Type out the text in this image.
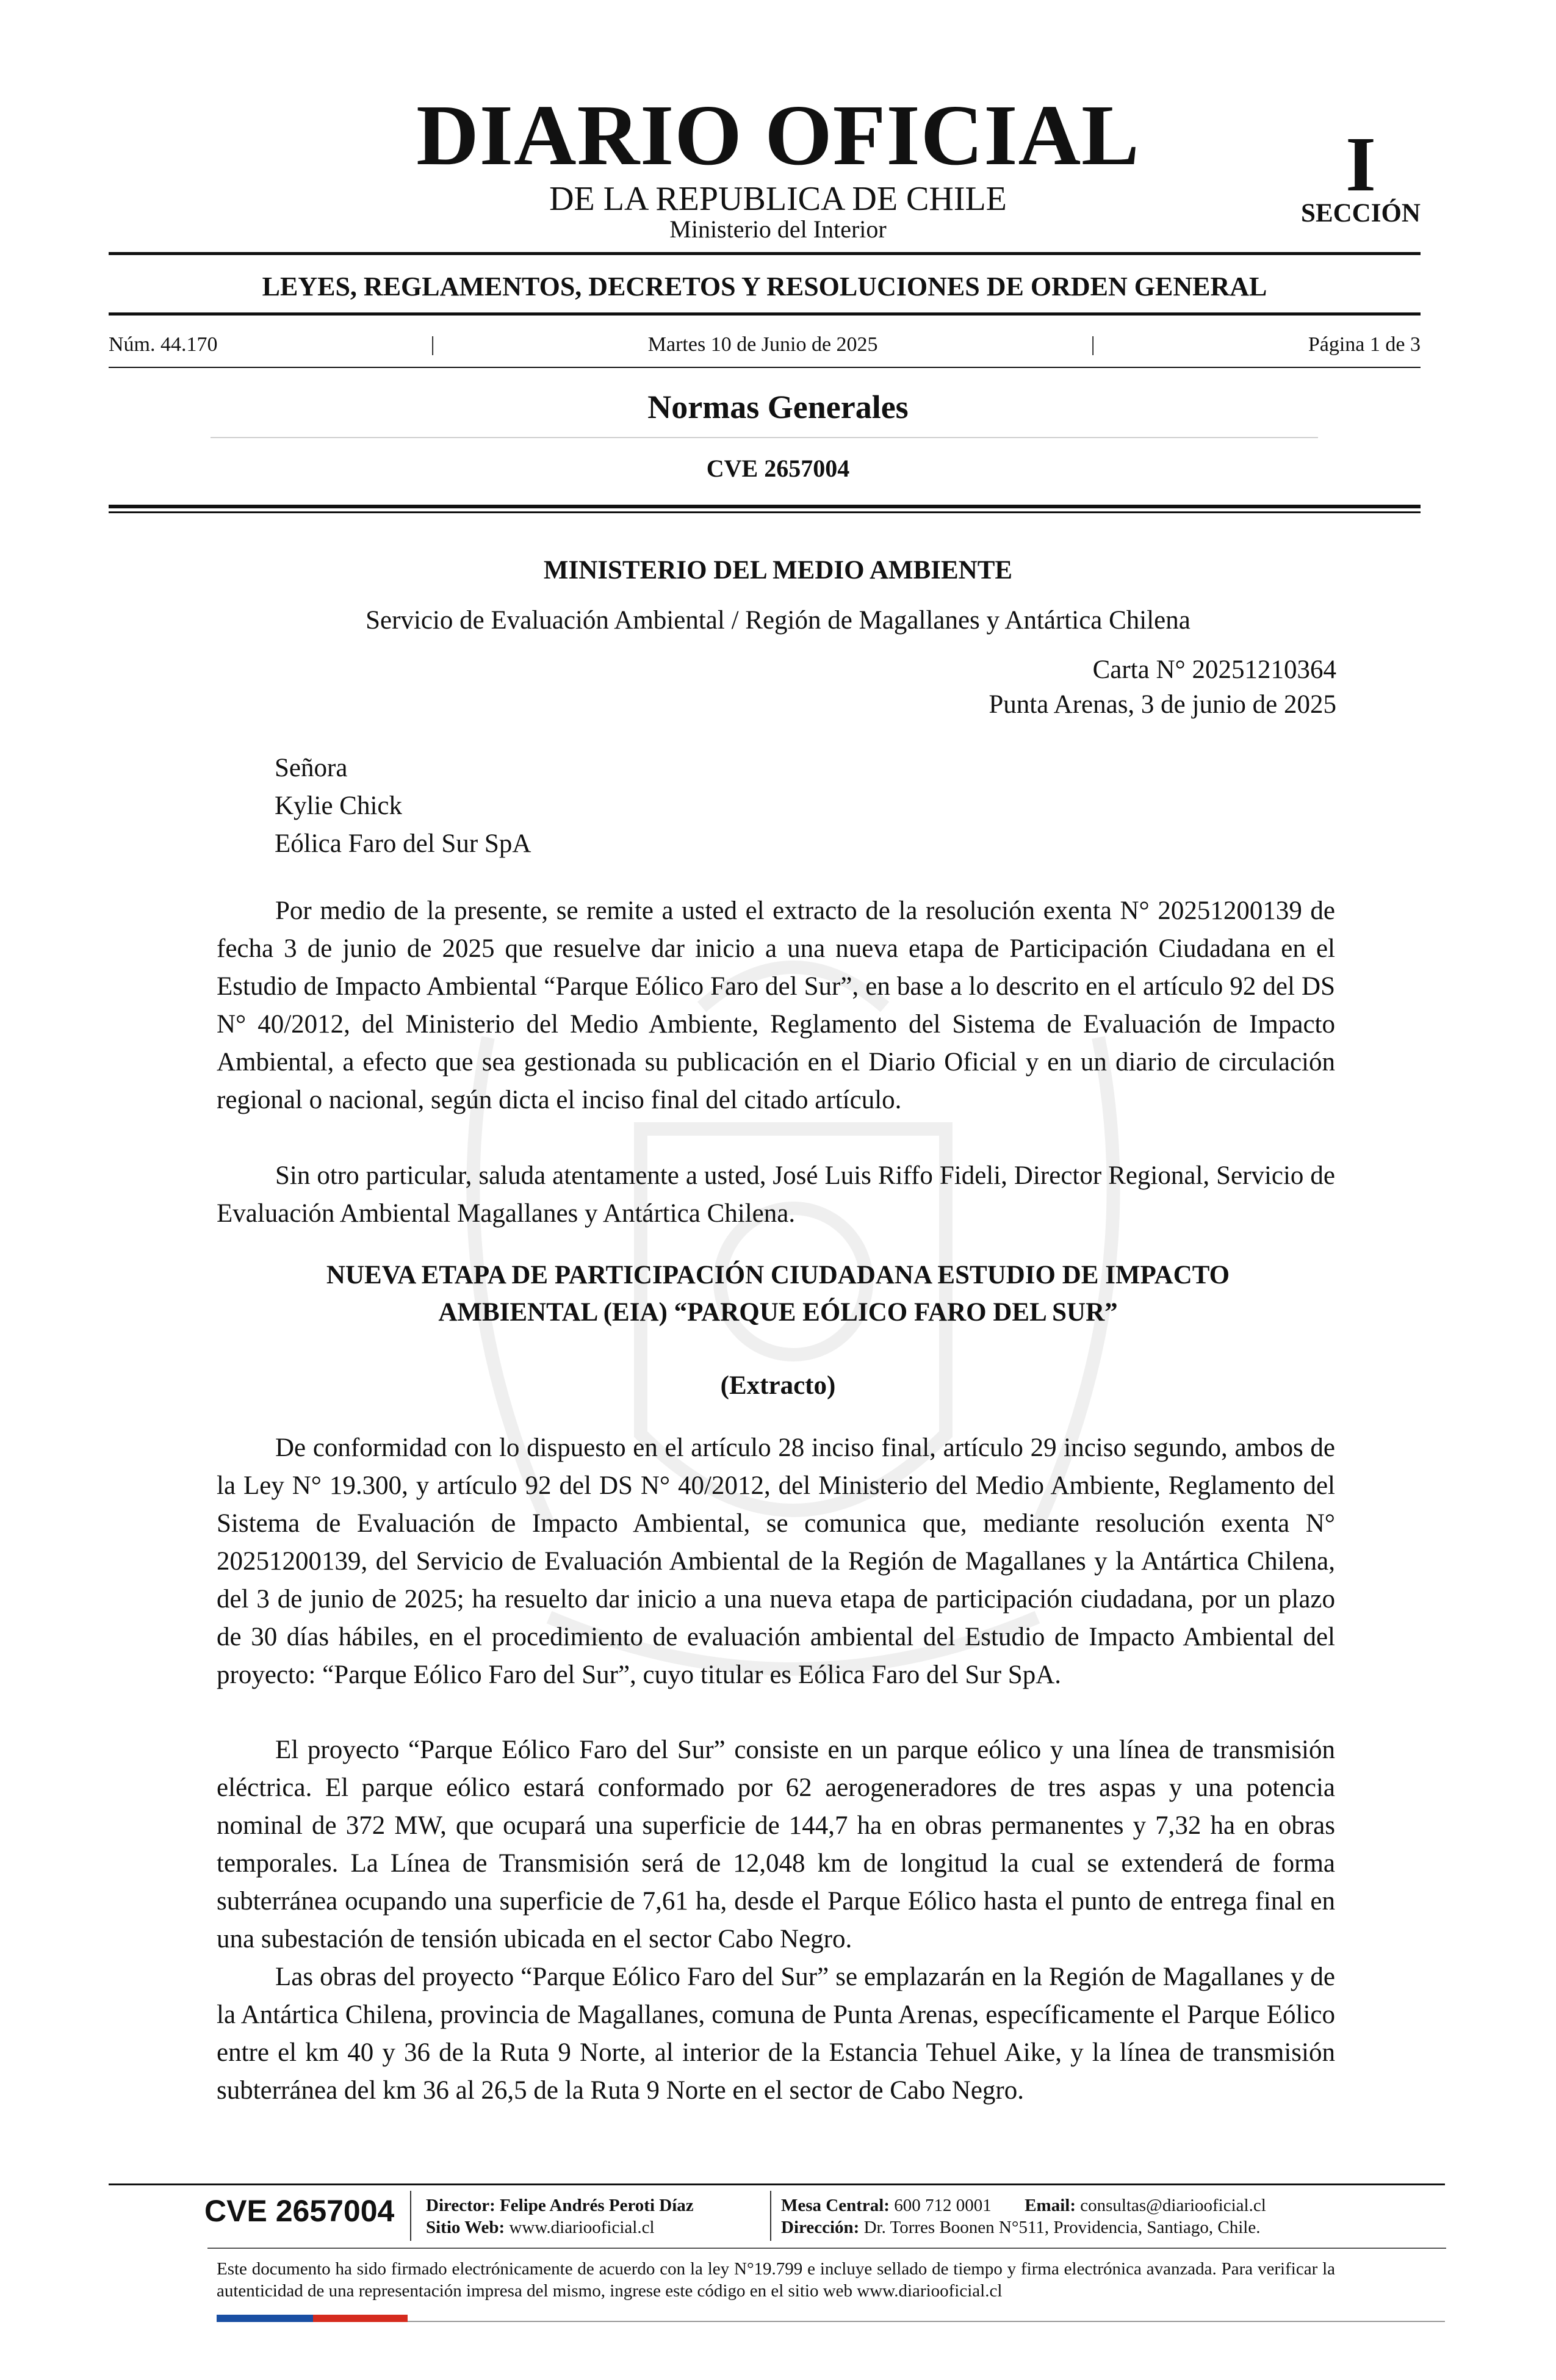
DIARIO OFICIAL
DE LA REPUBLICA DE CHILE
Ministerio del Interior
I
SECCIÓN
LEYES, REGLAMENTOS, DECRETOS Y RESOLUCIONES DE ORDEN GENERAL
Núm. 44.170	|	Martes 10 de Junio de 2025	|	Página 1 de 3
Normas Generales
CVE 2657004
MINISTERIO DEL MEDIO AMBIENTE
Servicio de Evaluación Ambiental / Región de Magallanes y Antártica Chilena
Carta N° 20251210364
Punta Arenas, 3 de junio de 2025
Señora
Kylie Chick
Eólica Faro del Sur SpA

Por medio de la presente, se remite a usted el extracto de la resolución exenta N° 20251200139 de fecha 3 de junio de 2025 que resuelve dar inicio a una nueva etapa de Participación Ciudadana en el Estudio de Impacto Ambiental “Parque Eólico Faro del Sur”, en base a lo descrito en el artículo 92 del DS N° 40/2012, del Ministerio del Medio Ambiente, Reglamento del Sistema de Evaluación de Impacto Ambiental, a efecto que sea gestionada su publicación en el Diario Oficial y en un diario de circulación regional o nacional, según dicta el inciso final del citado artículo.

Sin otro particular, saluda atentamente a usted, José Luis Riffo Fideli, Director Regional, Servicio de Evaluación Ambiental Magallanes y Antártica Chilena.

NUEVA ETAPA DE PARTICIPACIÓN CIUDADANA ESTUDIO DE IMPACTO
AMBIENTAL (EIA) “PARQUE EÓLICO FARO DEL SUR”
(Extracto)

De conformidad con lo dispuesto en el artículo 28 inciso final, artículo 29 inciso segundo, ambos de la Ley N° 19.300, y artículo 92 del DS N° 40/2012, del Ministerio del Medio Ambiente, Reglamento del Sistema de Evaluación de Impacto Ambiental, se comunica que, mediante resolución exenta N° 20251200139, del Servicio de Evaluación Ambiental de la Región de Magallanes y la Antártica Chilena, del 3 de junio de 2025; ha resuelto dar inicio a una nueva etapa de participación ciudadana, por un plazo de 30 días hábiles, en el procedimiento de evaluación ambiental del Estudio de Impacto Ambiental del proyecto: “Parque Eólico Faro del Sur”, cuyo titular es Eólica Faro del Sur SpA.

El proyecto “Parque Eólico Faro del Sur” consiste en un parque eólico y una línea de transmisión eléctrica. El parque eólico estará conformado por 62 aerogeneradores de tres aspas y una potencia nominal de 372 MW, que ocupará una superficie de 144,7 ha en obras permanentes y 7,32 ha en obras temporales. La Línea de Transmisión será de 12,048 km de longitud la cual se extenderá de forma subterránea ocupando una superficie de 7,61 ha, desde el Parque Eólico hasta el punto de entrega final en una subestación de tensión ubicada en el sector Cabo Negro.

Las obras del proyecto “Parque Eólico Faro del Sur” se emplazarán en la Región de Magallanes y de la Antártica Chilena, provincia de Magallanes, comuna de Punta Arenas, específicamente el Parque Eólico entre el km 40 y 36 de la Ruta 9 Norte, al interior de la Estancia Tehuel Aike, y la línea de transmisión subterránea del km 36 al 26,5 de la Ruta 9 Norte en el sector de Cabo Negro.

CVE 2657004 Director: Felipe Andrés Peroti Díaz
Sitio Web: www.diariooficial.cl
Mesa Central: 600 712 0001 Email: consultas@diariooficial.cl
Dirección: Dr. Torres Boonen N°511, Providencia, Santiago, Chile.
Este documento ha sido firmado electrónicamente de acuerdo con la ley N°19.799 e incluye sellado de tiempo y firma electrónica avanzada. Para verificar la autenticidad de una representación impresa del mismo, ingrese este código en el sitio web www.diariooficial.cl
